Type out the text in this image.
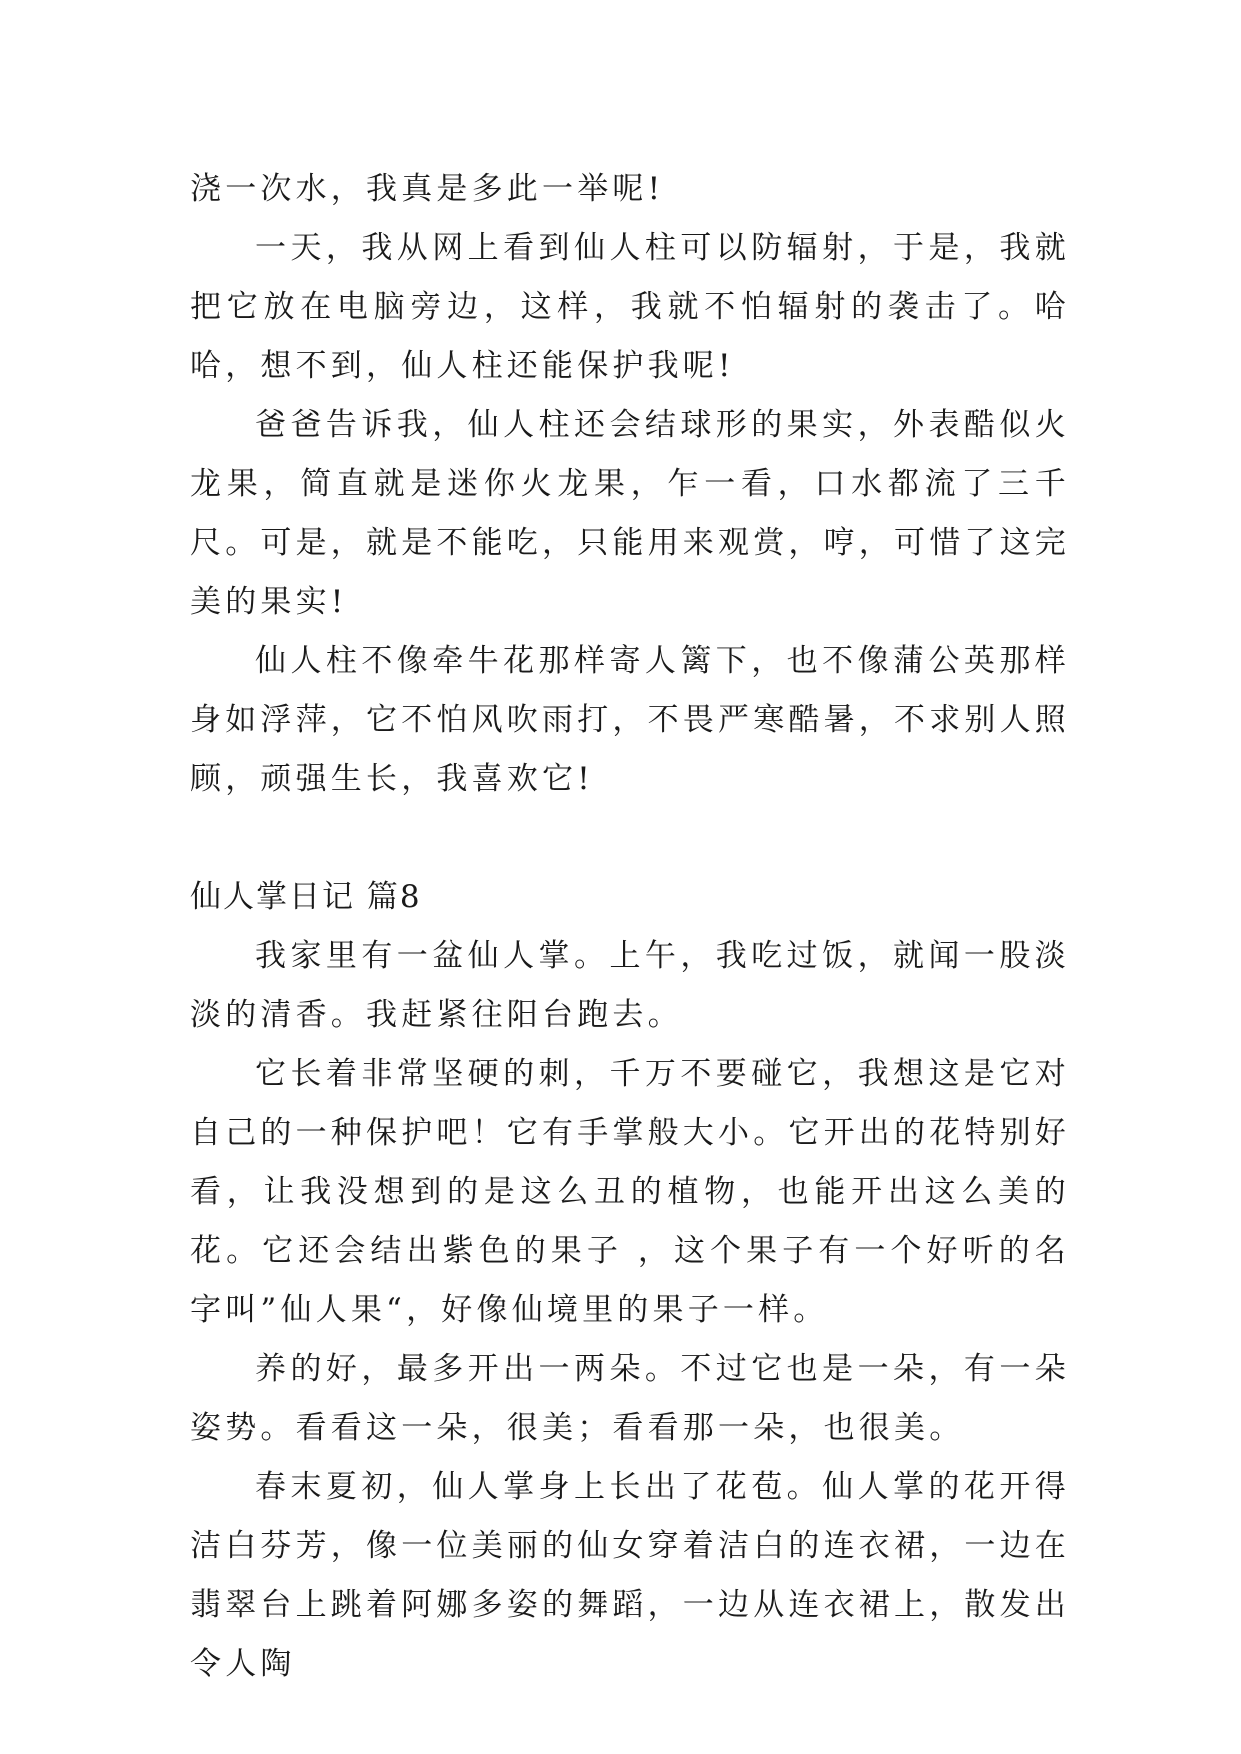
浇一次水，我真是多此一举呢!

一天，我从网上看到仙人柱可以防辐射，于是，我就把它放在电脑旁边，这样，我就不怕辐射的袭击了。哈哈，想不到，仙人柱还能保护我呢!

爸爸告诉我，仙人柱还会结球形的果实，外表酷似火龙果，简直就是迷你火龙果，乍一看，口水都流了三千尺。可是，就是不能吃，只能用来观赏，哼，可惜了这完美的果实!

仙人柱不像牵牛花那样寄人篱下，也不像蒲公英那样身如浮萍，它不怕风吹雨打，不畏严寒酷暑，不求别人照顾，顽强生长，我喜欢它!

仙人掌日记 篇8

我家里有一盆仙人掌。上午，我吃过饭，就闻一股淡淡的清香。我赶紧往阳台跑去。

它长着非常坚硬的刺，千万不要碰它，我想这是它对自己的一种保护吧！它有手掌般大小。它开出的花特别好看，让我没想到的是这么丑的植物，也能开出这么美的花。它还会结出紫色的果子 ，这个果子有一个好听的名字叫”仙人果“，好像仙境里的果子一样。

养的好，最多开出一两朵。不过它也是一朵，有一朵姿势。看看这一朵，很美；看看那一朵，也很美。

春末夏初，仙人掌身上长出了花苞。仙人掌的花开得洁白芬芳，像一位美丽的仙女穿着洁白的连衣裙，一边在翡翠台上跳着阿娜多姿的舞蹈，一边从连衣裙上，散发出令人陶
